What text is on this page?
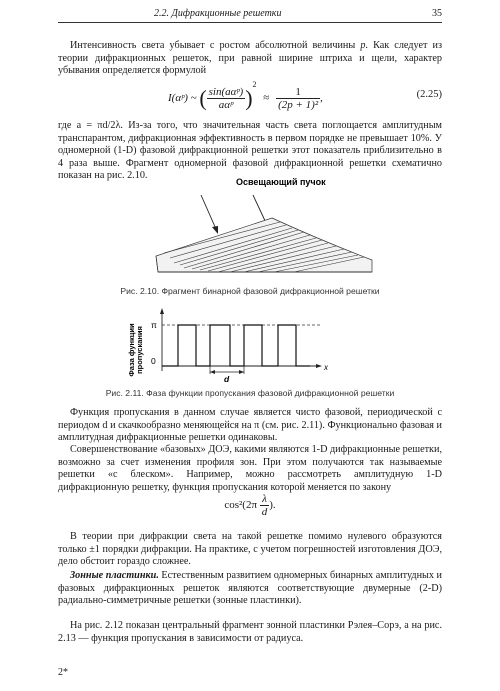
2.2. Дифракционные решетки	35

Интенсивность света убывает с ростом абсолютной величины p. Как следует из теории дифракционных решеток, при равной ширине штриха и щели, характер убывания определяется формулой

I(αᵖ) ~ ( $\frac{\text{sin(aαᵖ)}}{\text{aαᵖ}} )^2 \approx \frac{1}{\text{(2p + 1)²}}$ ,	(2.25)

где a = πd/2λ. Из-за того, что значительная часть света поглощается амплитудным транспарантом, дифракционная эффективность в первом порядке не превышает 10%. У одномерной (1-D) фазовой дифракционной решетки этот показатель приблизительно в 4 раза выше. Фрагмент одномерной фазовой дифракционной решетки схематично показан на рис. 2.10.

Освещающий пучок
Рис. 2.10. Фрагмент бинарной фазовой дифракционной решетки
Фаза функции пропускания	x
π
0
d
Рис. 2.11. Фаза функции пропускания фазовой дифракционной решетки

Функция пропускания в данном случае является чисто фазовой, периодической с периодом d и скачкообразно меняющейся на π (см. рис. 2.11). Функционально фазовая и амплитудная дифракционные решетки одинаковы.

Совершенствование «базовых» ДОЭ, какими являются 1-D дифракционные решетки, возможно за счет изменения профиля зон. При этом получаются так называемые решетки «с блеском». Например, можно рассмотреть амплитудную 1-D дифракционную решетку, функция пропускания которой меняется по закону

$\cos^2(2\pi \frac{\lambda}{d}$ ).

В теории при дифракции света на такой решетке помимо нулевого образуются только ±1 порядки дифракции. На практике, с учетом погрешностей изготовления ДОЭ, дело обстоит гораздо сложнее.

Зонные пластинки. Естественным развитием одномерных бинарных амплитудных и фазовых дифракционных решеток являются соответствующие двумерные (2-D) радиально-симметричные решетки (зонные пластинки).

На рис. 2.12 показан центральный фрагмент зонной пластинки Рэлея–Сорэ, а на рис. 2.13 — функция пропускания в зависимости от радиуса.

2*
